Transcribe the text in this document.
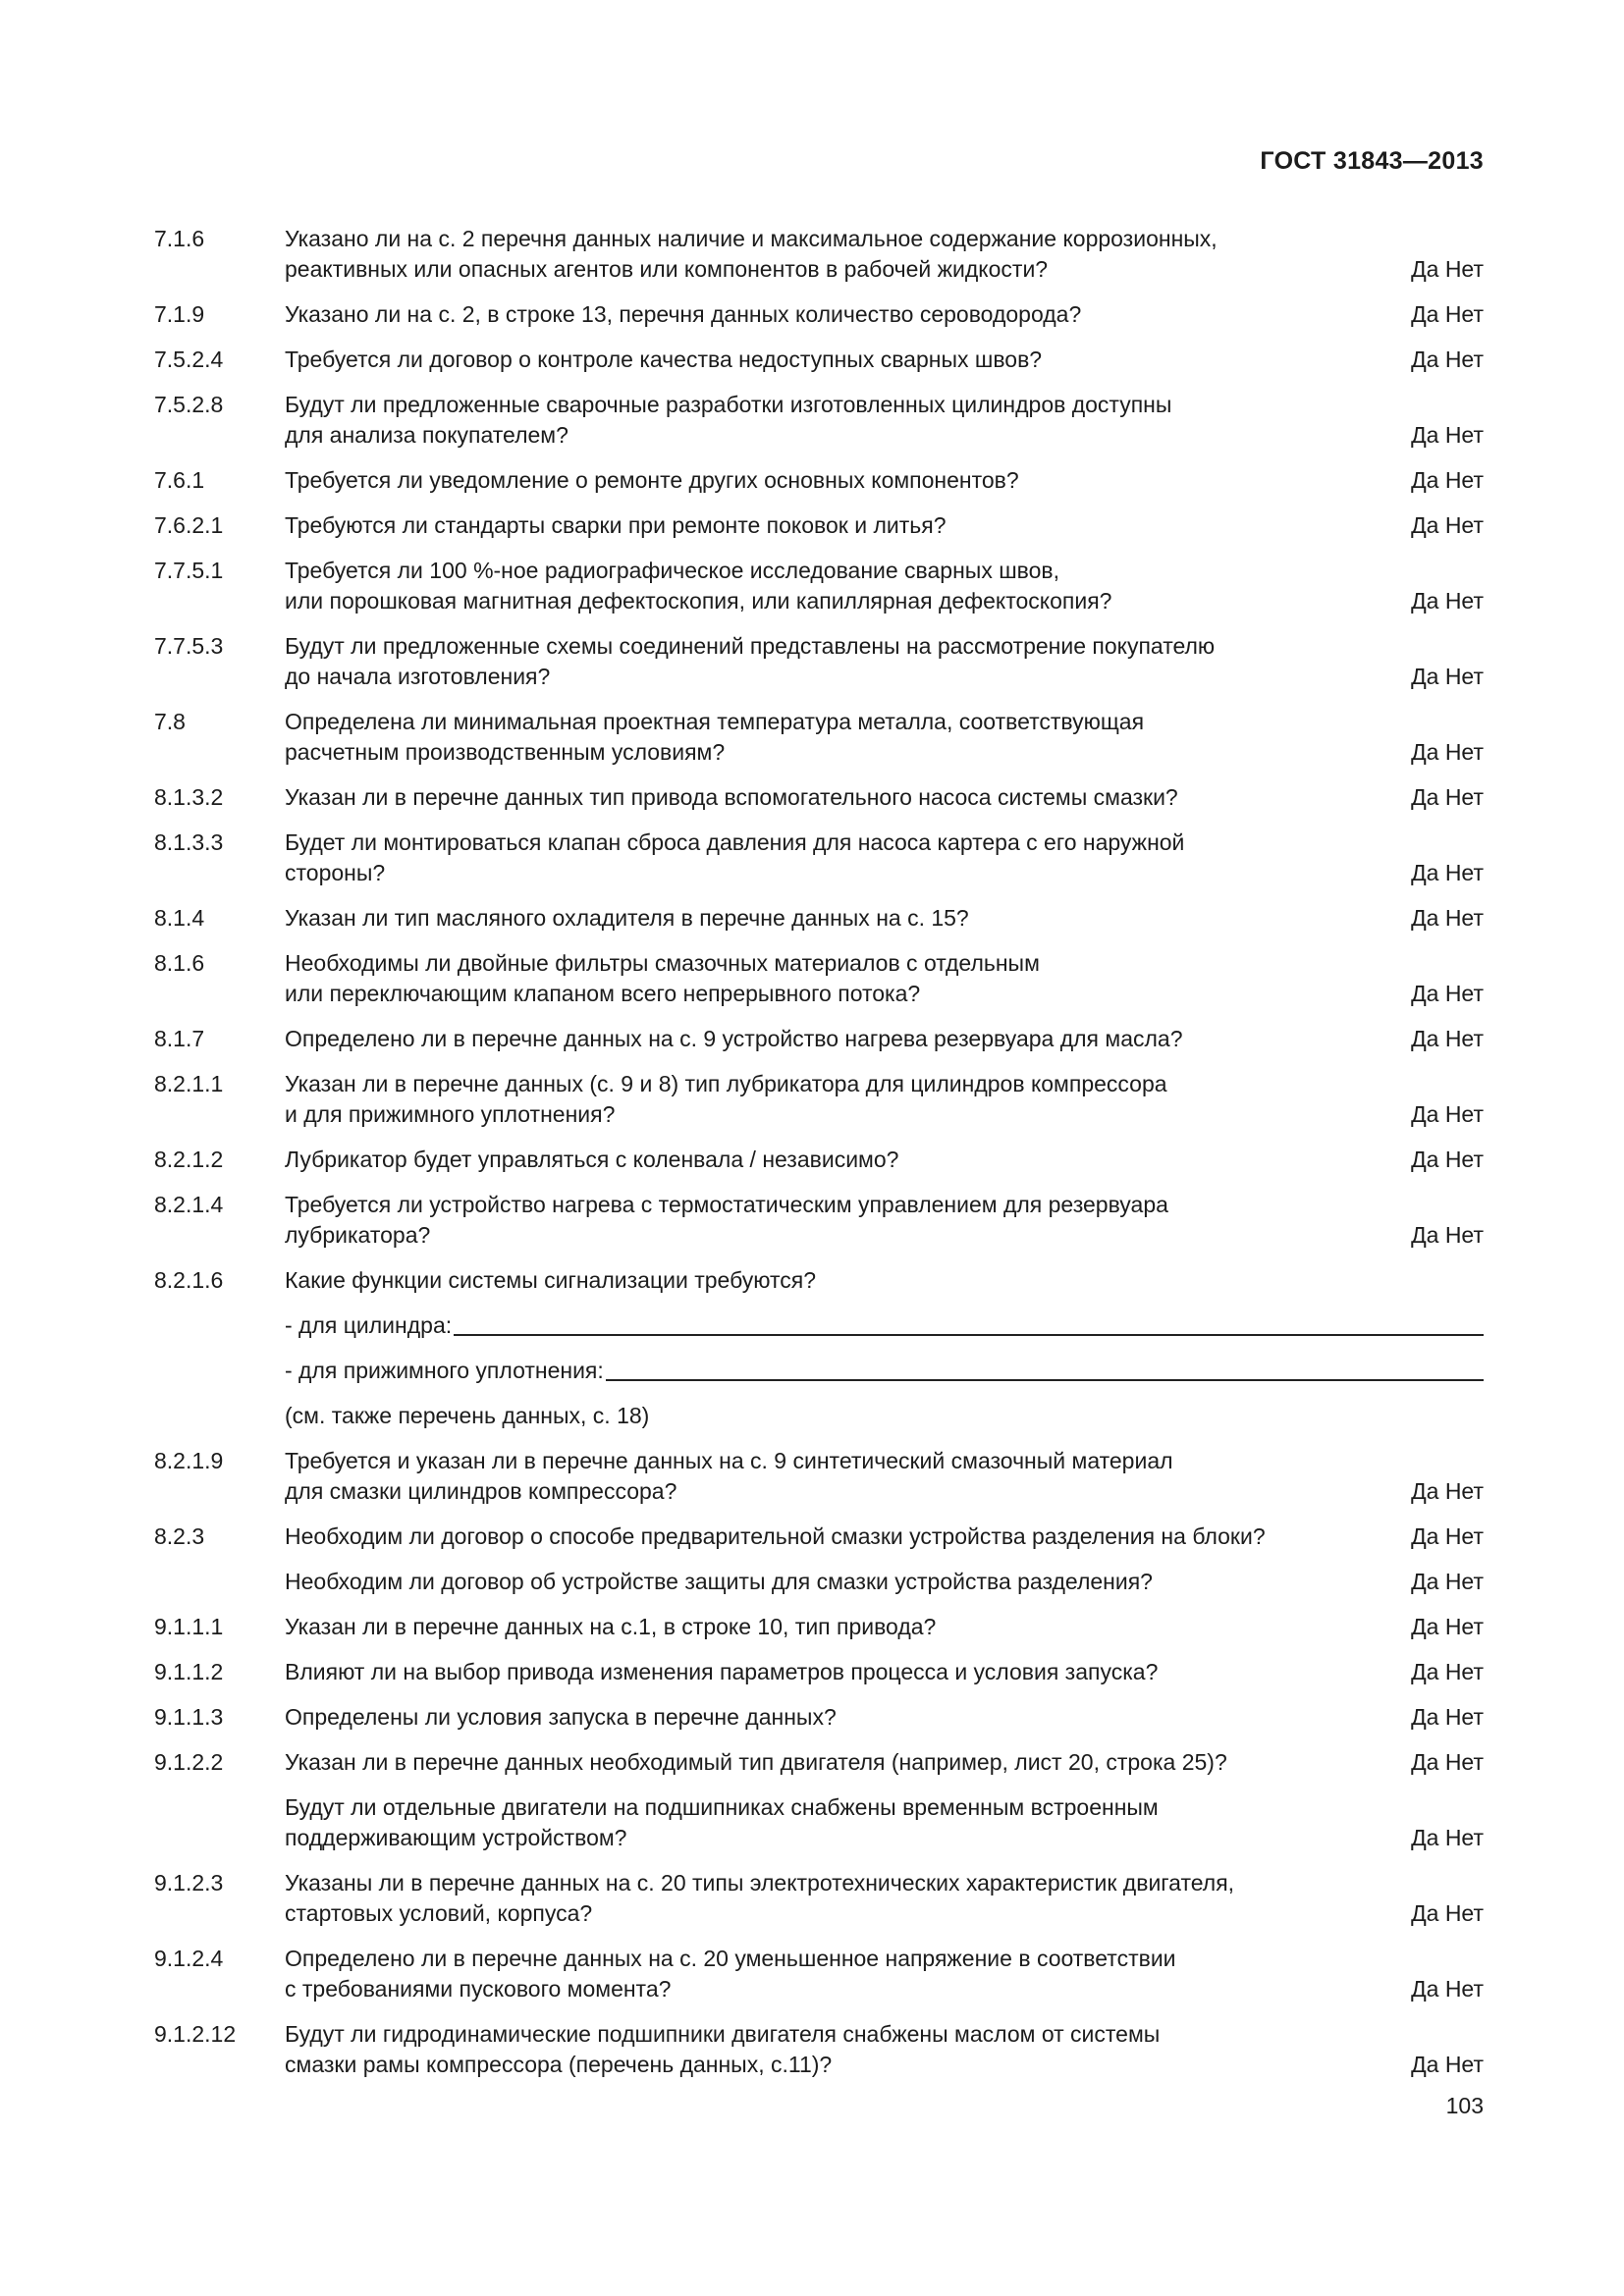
ГОСТ 31843—2013
7.1.6	Указано ли на с. 2 перечня данных наличие и максимальное содержание коррозионных,
реактивных или опасных агентов или компонентов в рабочей жидкости?	Да Нет
7.1.9	Указано ли на с. 2, в строке 13, перечня данных количество сероводорода?	Да Нет
7.5.2.4	Требуется ли договор о контроле качества недоступных сварных швов?	Да Нет
7.5.2.8	Будут ли предложенные сварочные разработки изготовленных цилиндров доступны
для анализа покупателем?	Да Нет
7.6.1	Требуется ли уведомление о ремонте других основных компонентов?	Да Нет
7.6.2.1	Требуются ли стандарты сварки при ремонте поковок и литья?	Да Нет
7.7.5.1	Требуется ли 100 %-ное радиографическое исследование сварных швов,
или порошковая магнитная дефектоскопия, или капиллярная дефектоскопия?	Да Нет
7.7.5.3	Будут ли предложенные схемы соединений представлены на рассмотрение покупателю
до начала изготовления?	Да Нет
7.8	Определена ли минимальная проектная температура металла, соответствующая
расчетным производственным условиям?	Да Нет
8.1.3.2	Указан ли в перечне данных тип привода вспомогательного насоса системы смазки?	Да Нет
8.1.3.3	Будет ли монтироваться клапан сброса давления для насоса картера с его наружной
стороны?	Да Нет
8.1.4	Указан ли тип масляного охладителя в перечне данных на с. 15?	Да Нет
8.1.6	Необходимы ли двойные фильтры смазочных материалов с отдельным
или переключающим клапаном всего непрерывного потока?	Да Нет
8.1.7	Определено ли в перечне данных на с. 9 устройство нагрева резервуара для масла?	Да Нет
8.2.1.1	Указан ли в перечне данных (с. 9 и 8) тип лубрикатора для цилиндров компрессора
и для прижимного уплотнения?	Да Нет
8.2.1.2	Лубрикатор будет управляться с коленвала / независимо?	Да Нет
8.2.1.4	Требуется ли устройство нагрева с термостатическим управлением для резервуара
лубрикатора?	Да Нет
8.2.1.6	Какие функции системы сигнализации требуются?
- для цилиндра:
- для прижимного уплотнения:
(см. также перечень данных, с. 18)
8.2.1.9	Требуется и указан ли в перечне данных на с. 9 синтетический смазочный материал
для смазки цилиндров компрессора?	Да Нет
8.2.3	Необходим ли договор о способе предварительной смазки устройства разделения на блоки?	Да Нет
Необходим ли договор об устройстве защиты для смазки устройства разделения?	Да Нет
9.1.1.1	Указан ли в перечне данных на с.1, в строке 10, тип привода?	Да Нет
9.1.1.2	Влияют ли на выбор привода изменения параметров процесса и условия запуска?	Да Нет
9.1.1.3	Определены ли условия запуска в перечне данных?	Да Нет
9.1.2.2	Указан ли в перечне данных необходимый тип двигателя (например, лист 20, строка 25)?	Да Нет
Будут ли отдельные двигатели на подшипниках снабжены временным встроенным
поддерживающим устройством?	Да Нет
9.1.2.3	Указаны ли в перечне данных на с. 20 типы электротехнических характеристик двигателя,
стартовых условий, корпуса?	Да Нет
9.1.2.4	Определено ли в перечне данных на с. 20 уменьшенное напряжение в соответствии
с требованиями пускового момента?	Да Нет
9.1.2.12	Будут ли гидродинамические подшипники двигателя снабжены маслом от системы
смазки рамы компрессора (перечень данных, с.11)?	Да Нет
103
